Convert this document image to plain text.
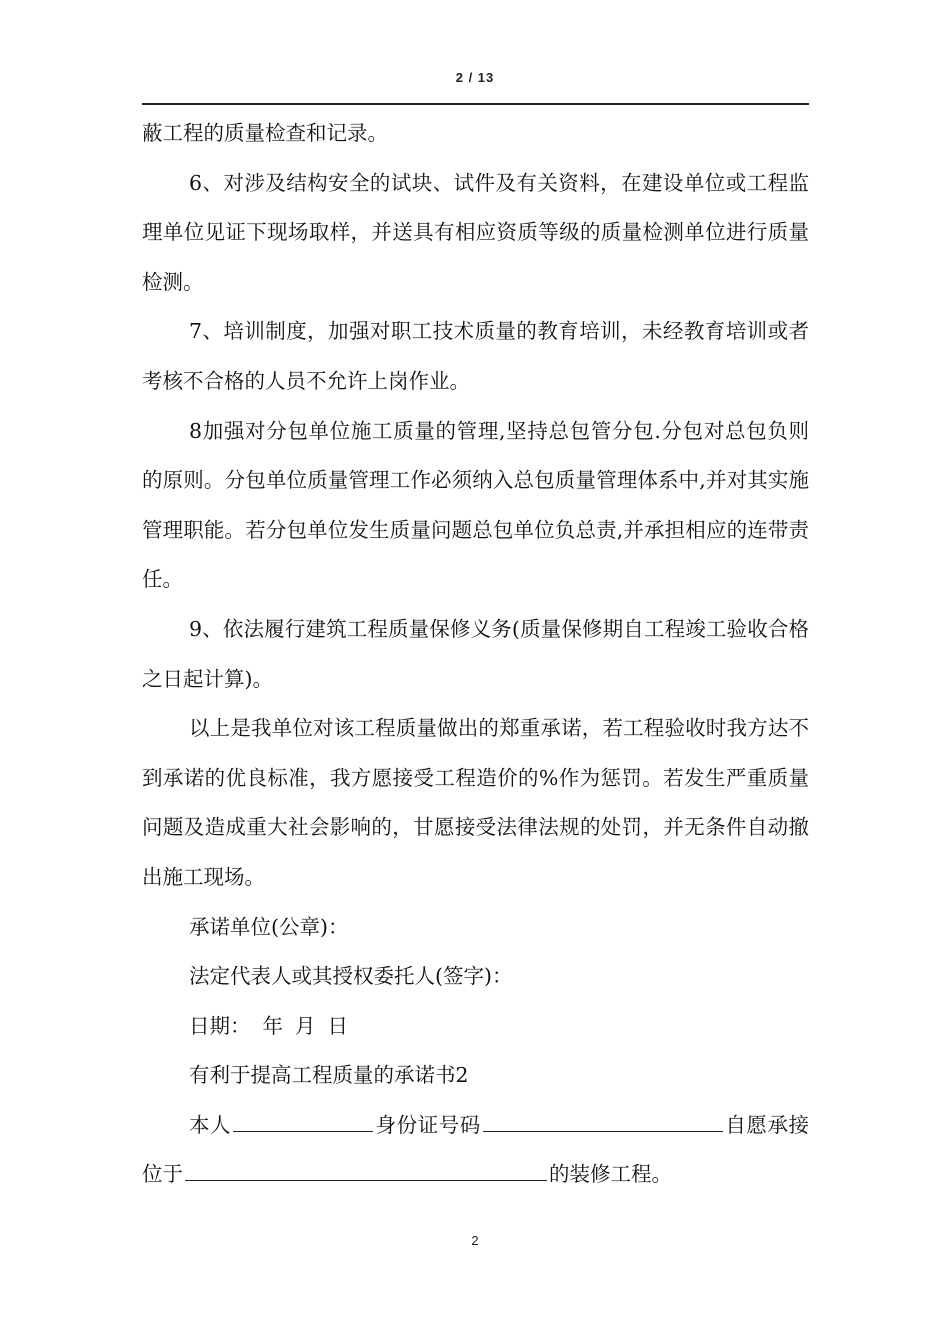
2 / 13

蔽工程的质量检查和记录。

6、对涉及结构安全的试块、试件及有关资料，在建设单位或工程监理单位见证下现场取样，并送具有相应资质等级的质量检测单位进行质量检测。

7、培训制度，加强对职工技术质量的教育培训，未经教育培训或者考核不合格的人员不允许上岗作业。

8加强对分包单位施工质量的管理,坚持总包管分包.分包对总包负则的原则。分包单位质量管理工作必须纳入总包质量管理体系中,并对其实施管理职能。若分包单位发生质量问题总包单位负总责,并承担相应的连带责任。

9、依法履行建筑工程质量保修义务(质量保修期自工程竣工验收合格之日起计算)。

以上是我单位对该工程质量做出的郑重承诺，若工程验收时我方达不到承诺的优良标准，我方愿接受工程造价的%作为惩罚。若发生严重质量问题及造成重大社会影响的，甘愿接受法律法规的处罚，并无条件自动撤出施工现场。

承诺单位(公章)：

法定代表人或其授权委托人(签字)：

日期： 年 月 日

有利于提高工程质量的承诺书2

本人	身份证号码	自愿承接位于	的装修工程。

2
